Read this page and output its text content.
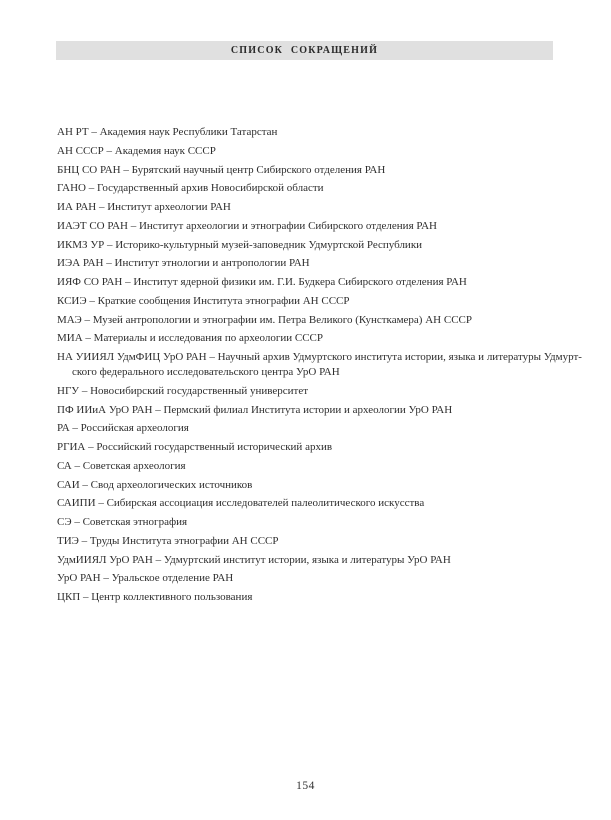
СПИСОК СОКРАЩЕНИЙ

АН РТ – Академия наук Республики Татарстан

АН СССР – Академия наук СССР

БНЦ СО РАН – Бурятский научный центр Сибирского отделения РАН

ГАНО – Государственный архив Новосибирской области

ИА РАН – Институт археологии РАН

ИАЭТ СО РАН – Институт археологии и этнографии Сибирского отделения РАН

ИКМЗ УР – Историко-культурный музей-заповедник Удмуртской Республики

ИЭА РАН – Институт этнологии и антропологии РАН

ИЯФ СО РАН – Институт ядерной физики им. Г.И. Будкера Сибирского отделения РАН

КСИЭ – Краткие сообщения Института этнографии АН СССР

МАЭ – Музей антропологии и этнографии им. Петра Великого (Кунсткамера) АН СССР

МИА – Материалы и исследования по археологии СССР

НА УИИЯЛ УдмФИЦ УрО РАН – Научный архив Удмуртского института истории, языка и литературы Удмурт-
ского федерального исследовательского центра УрО РАН

НГУ – Новосибирский государственный университет

ПФ ИИиА УрО РАН – Пермский филиал Института истории и археологии УрО РАН

РА – Российская археология

РГИА – Российский государственный исторический архив

СА – Советская археология

САИ – Свод археологических источников

САИПИ – Сибирская ассоциация исследователей палеолитического искусства

СЭ – Советская этнография

ТИЭ – Труды Института этнографии АН СССР

УдмИИЯЛ УрО РАН – Удмуртский институт истории, языка и литературы УрО РАН

УрО РАН – Уральское отделение РАН

ЦКП – Центр коллективного пользования

154
